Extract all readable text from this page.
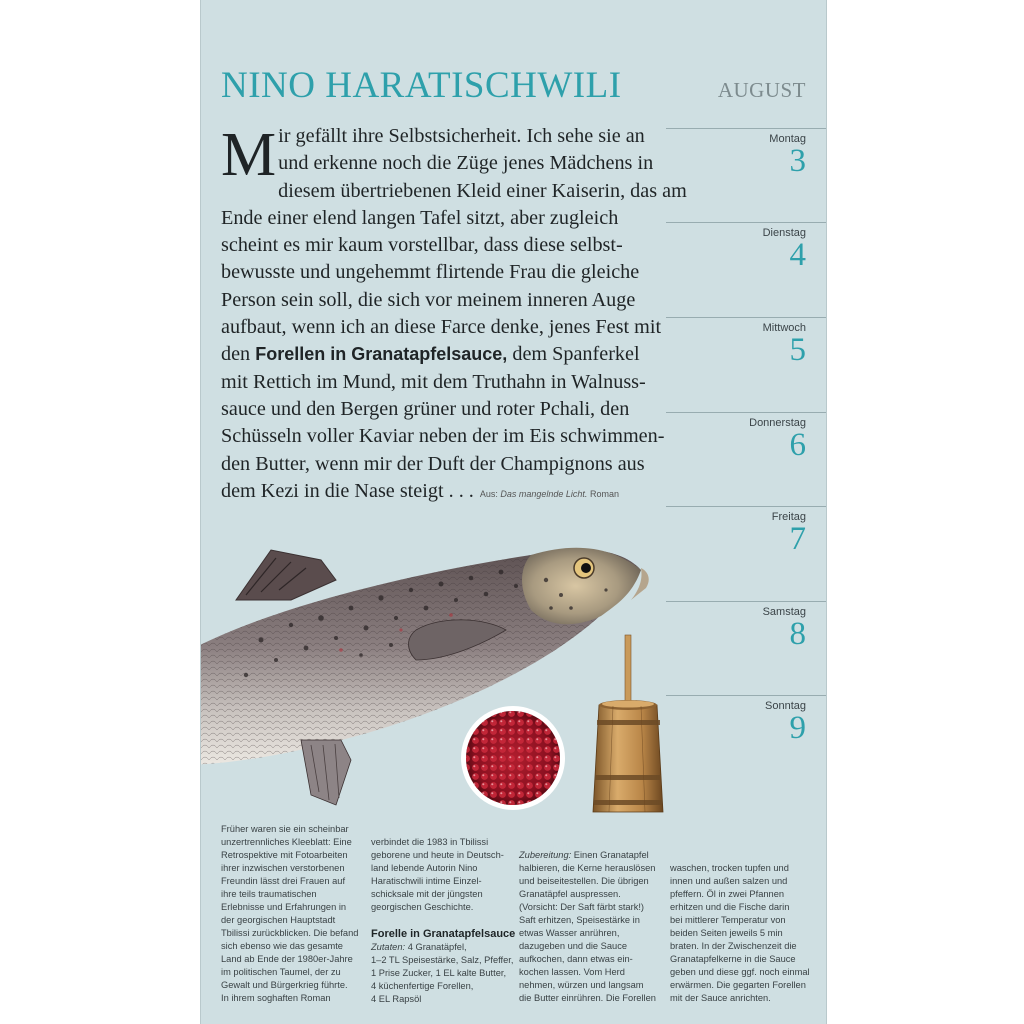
NINO HARATISCHWILI	AUGUST
M ir gefällt ihre Selbstsicherheit. Ich sehe sie an
und erkenne noch die Züge jenes Mädchens in
diesem übertriebenen Kleid einer Kaiserin, das am
Ende einer elend langen Tafel sitzt, aber zugleich
scheint es mir kaum vorstellbar, dass diese selbst-
bewusste und ungehemmt flirtende Frau die gleiche
Person sein soll, die sich vor meinem inneren Auge
aufbaut, wenn ich an diese Farce denke, jenes Fest mit
den Forellen in Granatapfelsauce, dem Spanferkel
mit Rettich im Mund, mit dem Truthahn in Walnuss-
sauce und den Bergen grüner und roter Pchali, den
Schüsseln voller Kaviar neben der im Eis schwimmen-
den Butter, wenn mir der Duft der Champignons aus
dem Kezi in die Nase steigt . . . Aus: Das mangelnde Licht. Roman
Montag
3
Dienstag
4
Mittwoch
5
Donnerstag
6
Freitag
7
Samstag
8
Sonntag
9
Früher waren sie ein scheinbar
unzertrennliches Kleeblatt: Eine
Retrospektive mit Fotoarbeiten
ihrer inzwischen verstorbenen
Freundin lässt drei Frauen auf
ihre teils traumatischen
Erlebnisse und Erfahrungen in
der georgischen Hauptstadt
Tbilissi zurückblicken. Die befand
sich ebenso wie das gesamte
Land ab Ende der 1980er-Jahre
im politischen Taumel, der zu
Gewalt und Bürgerkrieg führte.
In ihrem soghaften Roman
verbindet die 1983 in Tbilissi
geborene und heute in Deutsch-
land lebende Autorin Nino
Haratischwili intime Einzel-
schicksale mit der jüngsten
georgischen Geschichte.
Forelle in Granatapfelsauce
Zutaten: 4 Granatäpfel,
1–2 TL Speisestärke, Salz, Pfeffer,
1 Prise Zucker, 1 EL kalte Butter,
4 küchenfertige Forellen,
4 EL Rapsöl
Zubereitung: Einen Granatapfel
halbieren, die Kerne herauslösen
und beiseitestellen. Die übrigen
Granatäpfel auspressen.
(Vorsicht: Der Saft färbt stark!)
Saft erhitzen, Speisestärke in
etwas Wasser anrühren,
dazugeben und die Sauce
aufkochen, dann etwas ein-
kochen lassen. Vom Herd
nehmen, würzen und langsam
die Butter einrühren. Die Forellen
waschen, trocken tupfen und
innen und außen salzen und
pfeffern. Öl in zwei Pfannen
erhitzen und die Fische darin
bei mittlerer Temperatur von
beiden Seiten jeweils 5 min
braten. In der Zwischenzeit die
Granatapfelkerne in die Sauce
geben und diese ggf. noch einmal
erwärmen. Die gegarten Forellen
mit der Sauce anrichten.
